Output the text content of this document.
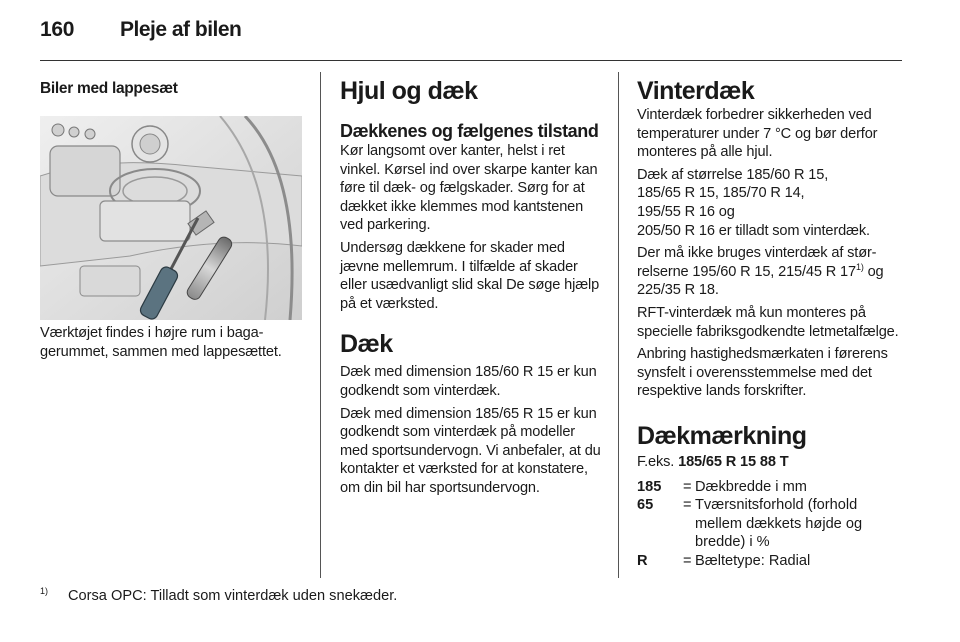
160	Pleje af bilen
Biler med lappesæt

Værktøjet findes i højre rum i bagagerummet, sammen med lappesættet.

Hjul og dæk
Dækkenes og fælgenes tilstand

Kør langsomt over kanter, helst i ret vinkel. Kørsel ind over skarpe kanter kan føre til dæk- og fælgskader. Sørg for at dækket ikke klemmes mod kantstenen ved parkering.

Undersøg dækkene for skader med jævne mellemrum. I tilfælde af skader eller usædvanligt slid skal De søge hjælp på et værksted.

Dæk

Dæk med dimension 185/60 R 15 er kun godkendt som vinterdæk.

Dæk med dimension 185/65 R 15 er kun godkendt som vinterdæk på modeller med sportsundervogn. Vi anbefaler, at du kontakter et værksted for at konstatere, om din bil har sportsundervogn.

Vinterdæk

Vinterdæk forbedrer sikkerheden ved temperaturer under 7 °C og bør derfor monteres på alle hjul.

Dæk af størrelse 185/60 R 15,
185/65 R 15, 185/70 R 14,
195/55 R 16 og
205/50 R 16 er tilladt som vinterdæk.

Der må ikke bruges vinterdæk af størrelserne 195/60 R 15, 215/45 R 17$^{1)}$ og 225/35 R 18.

RFT-vinterdæk må kun monteres på specielle fabriksgodkendte letmetalfælge.

Anbring hastighedsmærkaten i førerens synsfelt i overensstemmelse med det respektive lands forskrifter.

Dækmærkning

F.eks. 185/65 R 15 88 T

185	= Dækbredde i mm
65	= Tværsnitsforhold (forhold mellem dækkets højde og bredde) i %
R	= Bæltetype: Radial
1)	Corsa OPC: Tilladt som vinterdæk uden snekæder.
